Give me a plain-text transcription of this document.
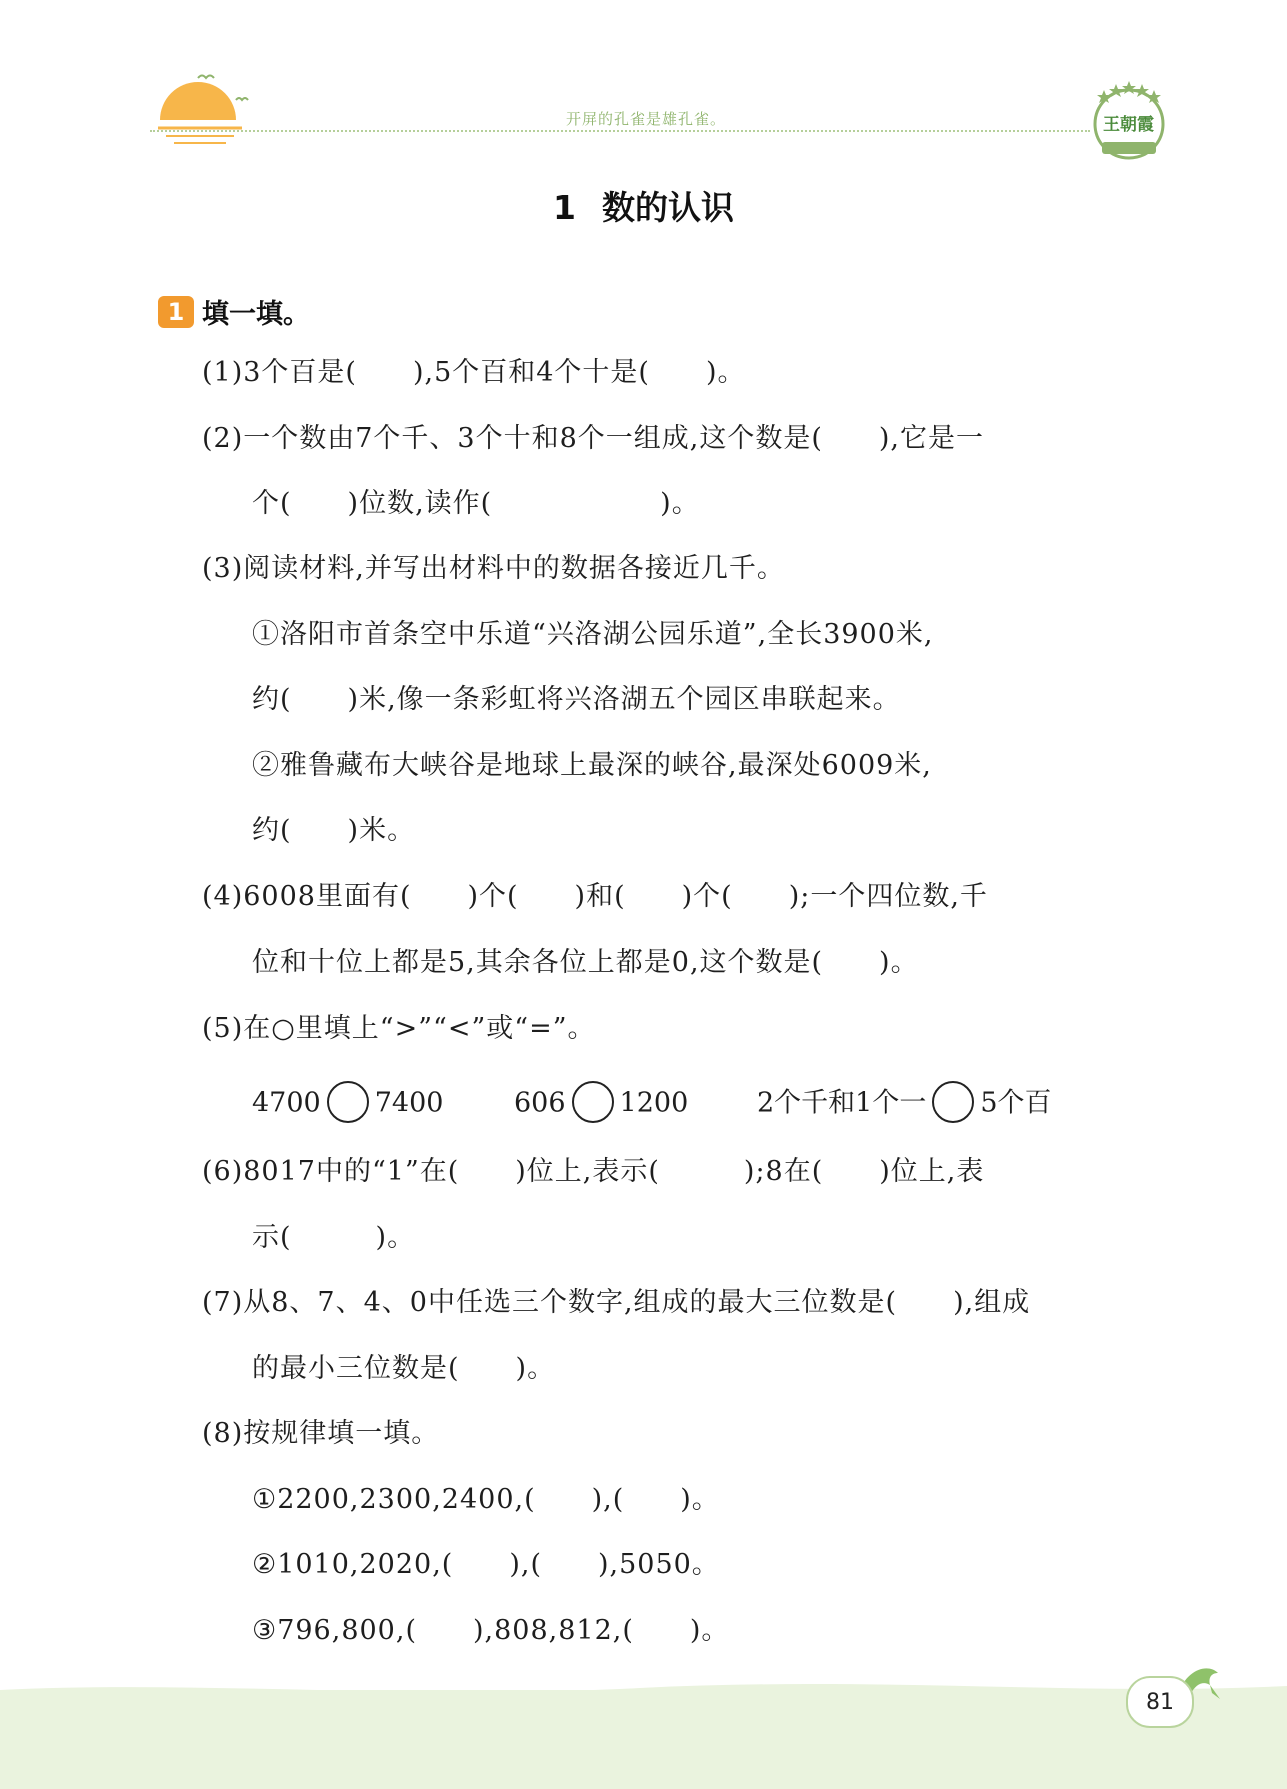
开屏的孔雀是雄孔雀。	王朝霞
1 数的认识
1 填一填。
(1)3个百是(　　),5个百和4个十是(　　)。
(2)一个数由7个千、3个十和8个一组成,这个数是(　　),它是一
个(　　)位数,读作(　　　　　　)。
(3)阅读材料,并写出材料中的数据各接近几千。
①洛阳市首条空中乐道“兴洛湖公园乐道”,全长3900米,
约(　　)米,像一条彩虹将兴洛湖五个园区串联起来。
②雅鲁藏布大峡谷是地球上最深的峡谷,最深处6009米,
约(　　)米。
(4)6008里面有(　　)个(　　)和(　　)个(　　);一个四位数,千
位和十位上都是5,其余各位上都是0,这个数是(　　)。
(5)在○里填上“>”“<”或“=”。
4700 7400	606 1200	2个千和1个一 5个百
(6)8017中的“1”在(　　)位上,表示(　　　);8在(　　)位上,表
示(　　　)。
(7)从8、7、4、0中任选三个数字,组成的最大三位数是(　　),组成
的最小三位数是(　　)。
(8)按规律填一填。
①2200,2300,2400,(　　),(　　)。
②1010,2020,(　　),(　　),5050。
③796,800,(　　),808,812,(　　)。
81
